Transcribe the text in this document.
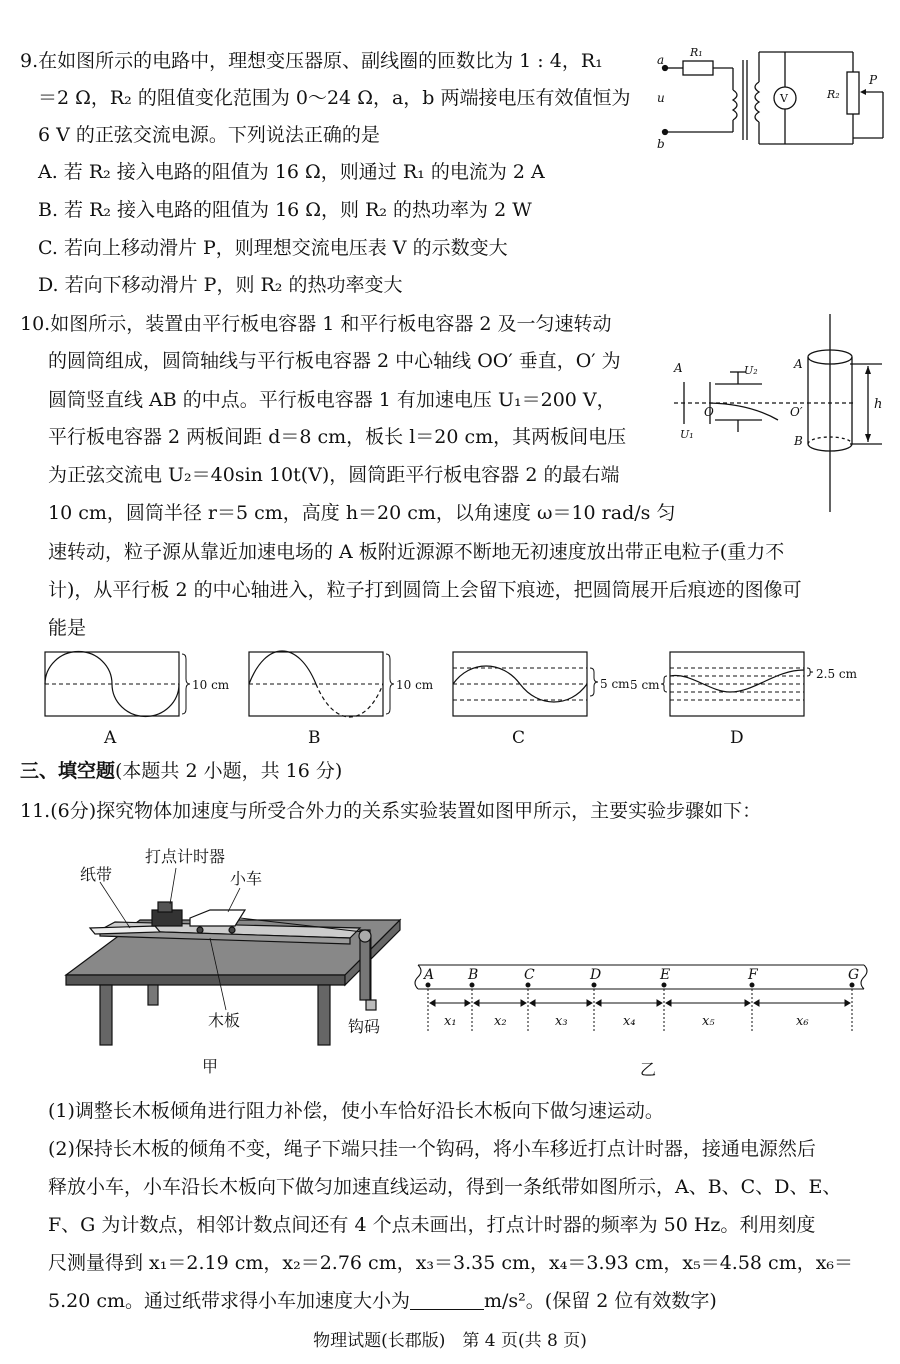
9.在如图所示的电路中，理想变压器原、副线圈的匝数比为 1 : 4，R₁
＝2 Ω，R₂ 的阻值变化范围为 0～24 Ω，a，b 两端接电压有效值恒为
6 V 的正弦交流电源。下列说法正确的是
A. 若 R₂ 接入电路的阻值为 16 Ω，则通过 R₁ 的电流为 2 A
B. 若 R₂ 接入电路的阻值为 16 Ω，则 R₂ 的热功率为 2 W
C. 若向上移动滑片 P，则理想交流电压表 V 的示数变大
D. 若向下移动滑片 P，则 R₂ 的热功率变大
a
u
b
R₁
V	R₂
P
10.如图所示，装置由平行板电容器 1 和平行板电容器 2 及一匀速转动
的圆筒组成，圆筒轴线与平行板电容器 2 中心轴线 OO′ 垂直，O′ 为
圆筒竖直线 AB 的中点。平行板电容器 1 有加速电压 U₁＝200 V，
平行板电容器 2 两板间距 d＝8 cm，板长 l＝20 cm，其两板间电压
为正弦交流电 U₂＝40sin 10t(V)，圆筒距平行板电容器 2 的最右端
10 cm，圆筒半径 r＝5 cm，高度 h＝20 cm，以角速度 ω＝10 rad/s 匀
速转动，粒子源从靠近加速电场的 A 板附近源源不断地无初速度放出带正电粒子(重力不
计)，从平行板 2 的中心轴进入，粒子打到圆筒上会留下痕迹，把圆筒展开后痕迹的图像可
能是
A
U₁
U₂
O	O′
A
B
h
10 cm
A
10 cm
B
5 cm
C
2.5 cm
5 cm
D
三、填空题(本题共 2 小题，共 16 分)
11.(6分)探究物体加速度与所受合外力的关系实验装置如图甲所示，主要实验步骤如下：
纸带
打点计时器
小车
木板	钩码
甲
A B	C	D	E	F	G
x₁	x₂	x₃	x₄	x₅	x₆
乙
(1)调整长木板倾角进行阻力补偿，使小车恰好沿长木板向下做匀速运动。
(2)保持长木板的倾角不变，绳子下端只挂一个钩码，将小车移近打点计时器，接通电源然后
释放小车，小车沿长木板向下做匀加速直线运动，得到一条纸带如图所示，A、B、C、D、E、
F、G 为计数点，相邻计数点间还有 4 个点未画出，打点计时器的频率为 50 Hz。利用刻度
尺测量得到 x₁＝2.19 cm，x₂＝2.76 cm，x₃＝3.35 cm，x₄＝3.93 cm，x₅＝4.58 cm，x₆＝
5.20 cm。通过纸带求得小车加速度大小为	m/s²。(保留 2 位有效数字)
物理试题(长郡版)　第 4 页(共 8 页)
